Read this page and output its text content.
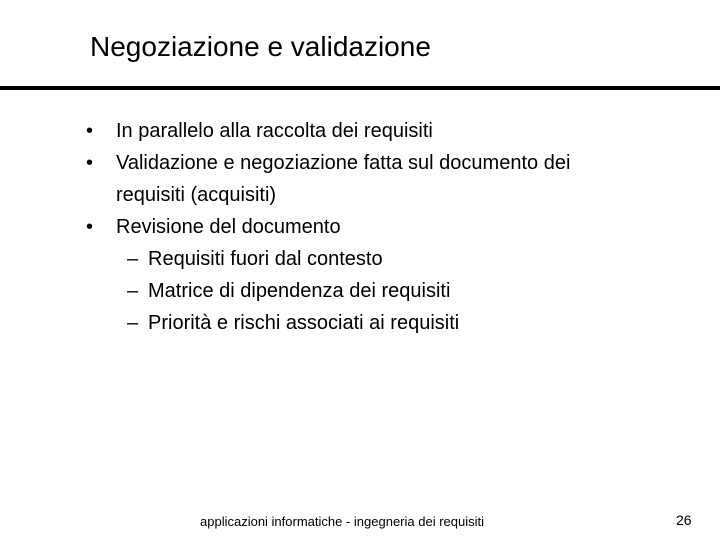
Negoziazione e validazione
• In parallelo alla raccolta dei requisiti
• Validazione e negoziazione fatta sul documento dei
requisiti (acquisiti)
• Revisione del documento
– Requisiti fuori dal contesto
– Matrice di dipendenza dei requisiti
– Priorità e rischi associati ai requisiti
applicazioni informatiche - ingegneria dei requisiti	26
